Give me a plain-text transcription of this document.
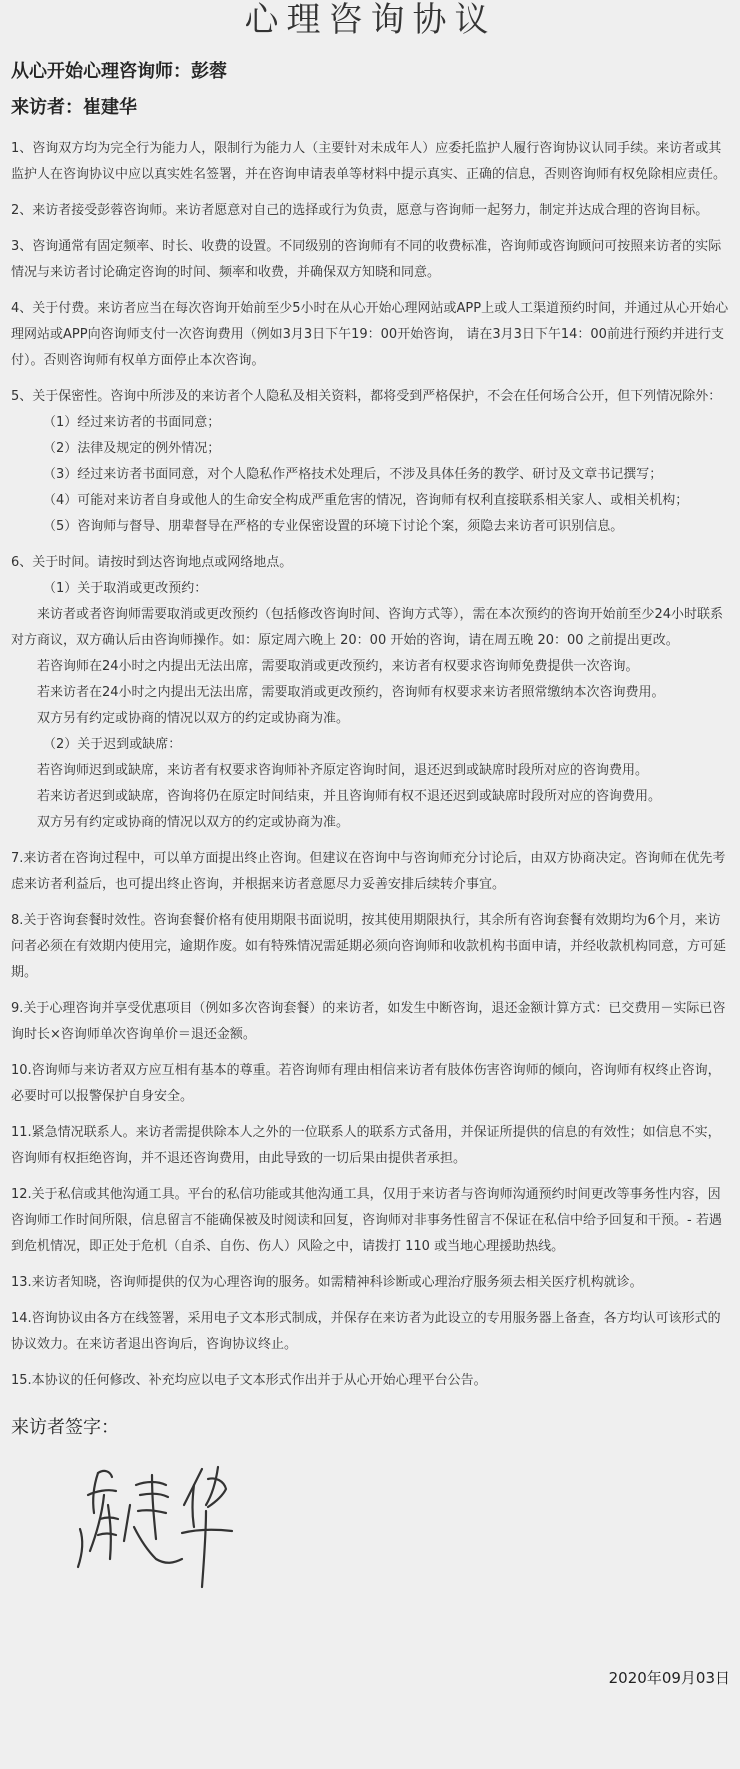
心理咨询协议
从心开始心理咨询师：彭蓉
来访者：崔建华

1、咨询双方均为完全行为能力人，限制行为能力人（主要针对未成年人）应委托监护人履行咨询协议认同手续。来访者或其监护人在咨询协议中应以真实姓名签署，并在咨询申请表单等材料中提示真实、正确的信息，否则咨询师有权免除相应责任。

2、来访者接受彭蓉咨询师。来访者愿意对自己的选择或行为负责，愿意与咨询师一起努力，制定并达成合理的咨询目标。

3、咨询通常有固定频率、时长、收费的设置。不同级别的咨询师有不同的收费标准，咨询师或咨询顾问可按照来访者的实际情况与来访者讨论确定咨询的时间、频率和收费，并确保双方知晓和同意。

4、关于付费。来访者应当在每次咨询开始前至少5小时在从心开始心理网站或APP上或人工渠道预约时间，并通过从心开始心理网站或APP向咨询师支付一次咨询费用（例如3月3日下午19：00开始咨询， 请在3月3日下午14：00前进行预约并进行支付）。否则咨询师有权单方面停止本次咨询。

5、关于保密性。咨询中所涉及的来访者个人隐私及相关资料，都将受到严格保护，不会在任何场合公开，但下列情况除外：

（1）经过来访者的书面同意；

（2）法律及规定的例外情况；

（3）经过来访者书面同意，对个人隐私作严格技术处理后，不涉及具体任务的教学、研讨及文章书记撰写；

（4）可能对来访者自身或他人的生命安全构成严重危害的情况，咨询师有权利直接联系相关家人、或相关机构；

（5）咨询师与督导、朋辈督导在严格的专业保密设置的环境下讨论个案，须隐去来访者可识别信息。

6、关于时间。请按时到达咨询地点或网络地点。

（1）关于取消或更改预约：

来访者或者咨询师需要取消或更改预约（包括修改咨询时间、咨询方式等），需在本次预约的咨询开始前至少24小时联系对方商议，双方确认后由咨询师操作。如：原定周六晚上 20：00 开始的咨询，请在周五晚 20：00 之前提出更改。

若咨询师在24小时之内提出无法出席，需要取消或更改预约，来访者有权要求咨询师免费提供一次咨询。

若来访者在24小时之内提出无法出席，需要取消或更改预约，咨询师有权要求来访者照常缴纳本次咨询费用。

双方另有约定或协商的情况以双方的约定或协商为准。

（2）关于迟到或缺席：

若咨询师迟到或缺席，来访者有权要求咨询师补齐原定咨询时间，退还迟到或缺席时段所对应的咨询费用。

若来访者迟到或缺席，咨询将仍在原定时间结束，并且咨询师有权不退还迟到或缺席时段所对应的咨询费用。

双方另有约定或协商的情况以双方的约定或协商为准。

7.来访者在咨询过程中，可以单方面提出终止咨询。但建议在咨询中与咨询师充分讨论后，由双方协商决定。咨询师在优先考虑来访者利益后，也可提出终止咨询，并根据来访者意愿尽力妥善安排后续转介事宜。

8.关于咨询套餐时效性。咨询套餐价格有使用期限书面说明，按其使用期限执行，其余所有咨询套餐有效期均为6个月，来访问者必须在有效期内使用完，逾期作废。如有特殊情况需延期必须向咨询师和收款机构书面申请，并经收款机构同意，方可延期。

9.关于心理咨询并享受优惠项目（例如多次咨询套餐）的来访者，如发生中断咨询，退还金额计算方式：已交费用－实际已咨询时长×咨询师单次咨询单价＝退还金额。

10.咨询师与来访者双方应互相有基本的尊重。若咨询师有理由相信来访者有肢体伤害咨询师的倾向，咨询师有权终止咨询， 必要时可以报警保护自身安全。

11.紧急情况联系人。来访者需提供除本人之外的一位联系人的联系方式备用，并保证所提供的信息的有效性；如信息不实，咨询师有权拒绝咨询，并不退还咨询费用，由此导致的一切后果由提供者承担。

12.关于私信或其他沟通工具。平台的私信功能或其他沟通工具，仅用于来访者与咨询师沟通预约时间更改等事务性内容，因咨询师工作时间所限，信息留言不能确保被及时阅读和回复，咨询师对非事务性留言不保证在私信中给予回复和干预。- 若遇到危机情况，即正处于危机（自杀、自伤、伤人）风险之中，请拨打 110 或当地心理援助热线。

13.来访者知晓，咨询师提供的仅为心理咨询的服务。如需精神科诊断或心理治疗服务须去相关医疗机构就诊。

14.咨询协议由各方在线签署，采用电子文本形式制成，并保存在来访者为此设立的专用服务器上备查，各方均认可该形式的协议效力。在来访者退出咨询后，咨询协议终止。

15.本协议的任何修改、补充均应以电子文本形式作出并于从心开始心理平台公告。

来访者签字：
2020年09月03日
